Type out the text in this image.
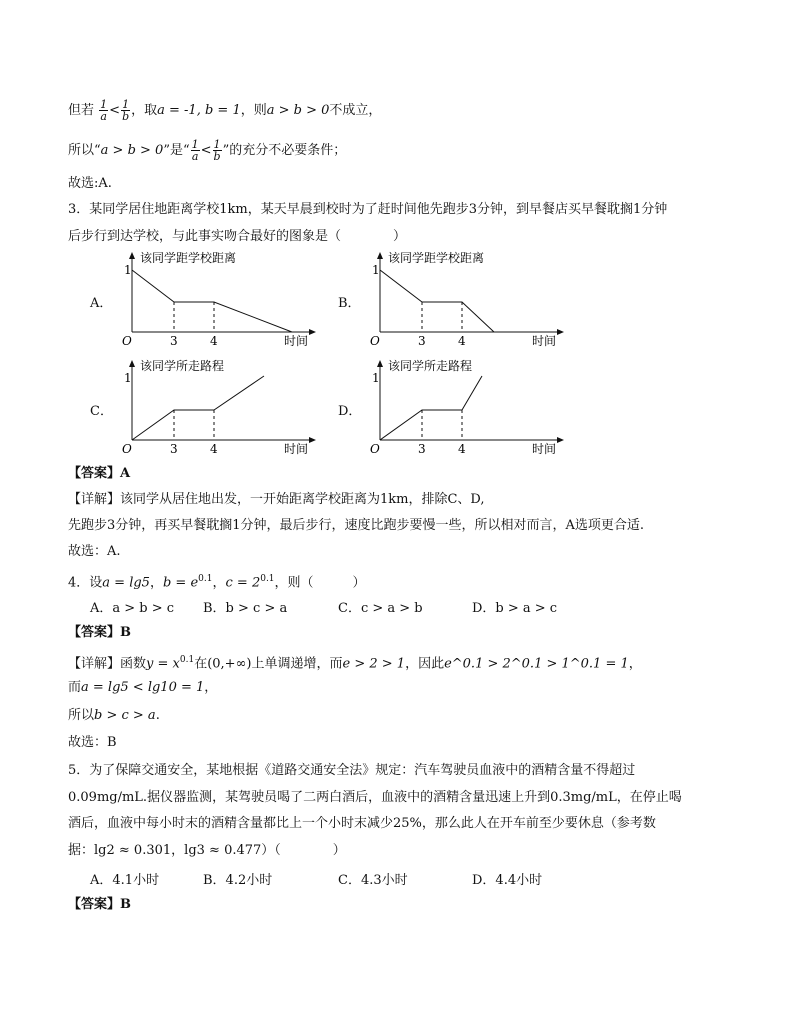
但若 $\frac{1}{a} < \frac{1}{b}$ ，取a = -1, b = 1，则a > b > 0不成立，
所以“a > b > 0”是“ $\frac{1}{a} < \frac{1}{b}$ ”的充分不必要条件；
故选:A.
3．某同学居住地距离学校1km，某天早晨到校时为了赶时间他先跑步3分钟，到早餐店买早餐耽搁1分钟
后步行到达学校，与此事实吻合最好的图象是（　　　　）
A．
1
该同学距学校距离
O	3	4	时间
B．
1
该同学距学校距离
O	3	4	时间
C．
1
该同学所走路程
O	3	4	时间
D．
1
该同学所走路程
O	3	4	时间
【答案】A
【详解】该同学从居住地出发，一开始距离学校距离为1km，排除C、D,
先跑步3分钟，再买早餐耽搁1分钟，最后步行，速度比跑步要慢一些，所以相对而言，A选项更合适.
故选：A.
4．设a = lg5，$b = e^{0.1}$，$c = 2^{0.1}$，则（　　　）
A．a > b > c B．b > c > a	C．c > a > b	D．b > a > c
【答案】B
【详解】函数$y = x^{0.1}$在(0,+∞)上单调递增，而e > 2 > 1，因此e^0.1 > 2^0.1 > 1^0.1 = 1，
而a = lg5 < lg10 = 1，
所以b > c > a.
故选：B
5．为了保障交通安全，某地根据《道路交通安全法》规定：汽车驾驶员血液中的酒精含量不得超过
0.09mg/mL.据仪器监测，某驾驶员喝了二两白酒后，血液中的酒精含量迅速上升到0.3mg/mL，在停止喝
酒后，血液中每小时末的酒精含量都比上一个小时末减少25%，那么此人在开车前至少要休息（参考数
据：lg2 ≈ 0.301，lg3 ≈ 0.477）（　　　　）
A．4.1小时	B．4.2小时	C．4.3小时	D．4.4小时
【答案】B
